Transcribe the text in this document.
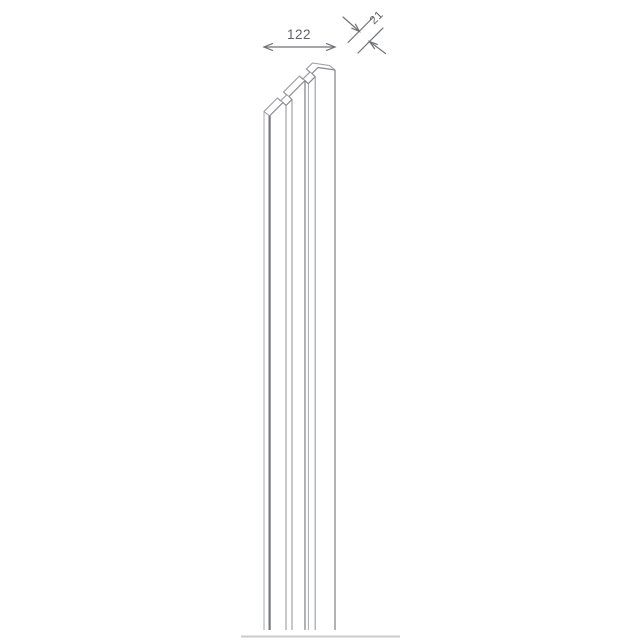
122
21
